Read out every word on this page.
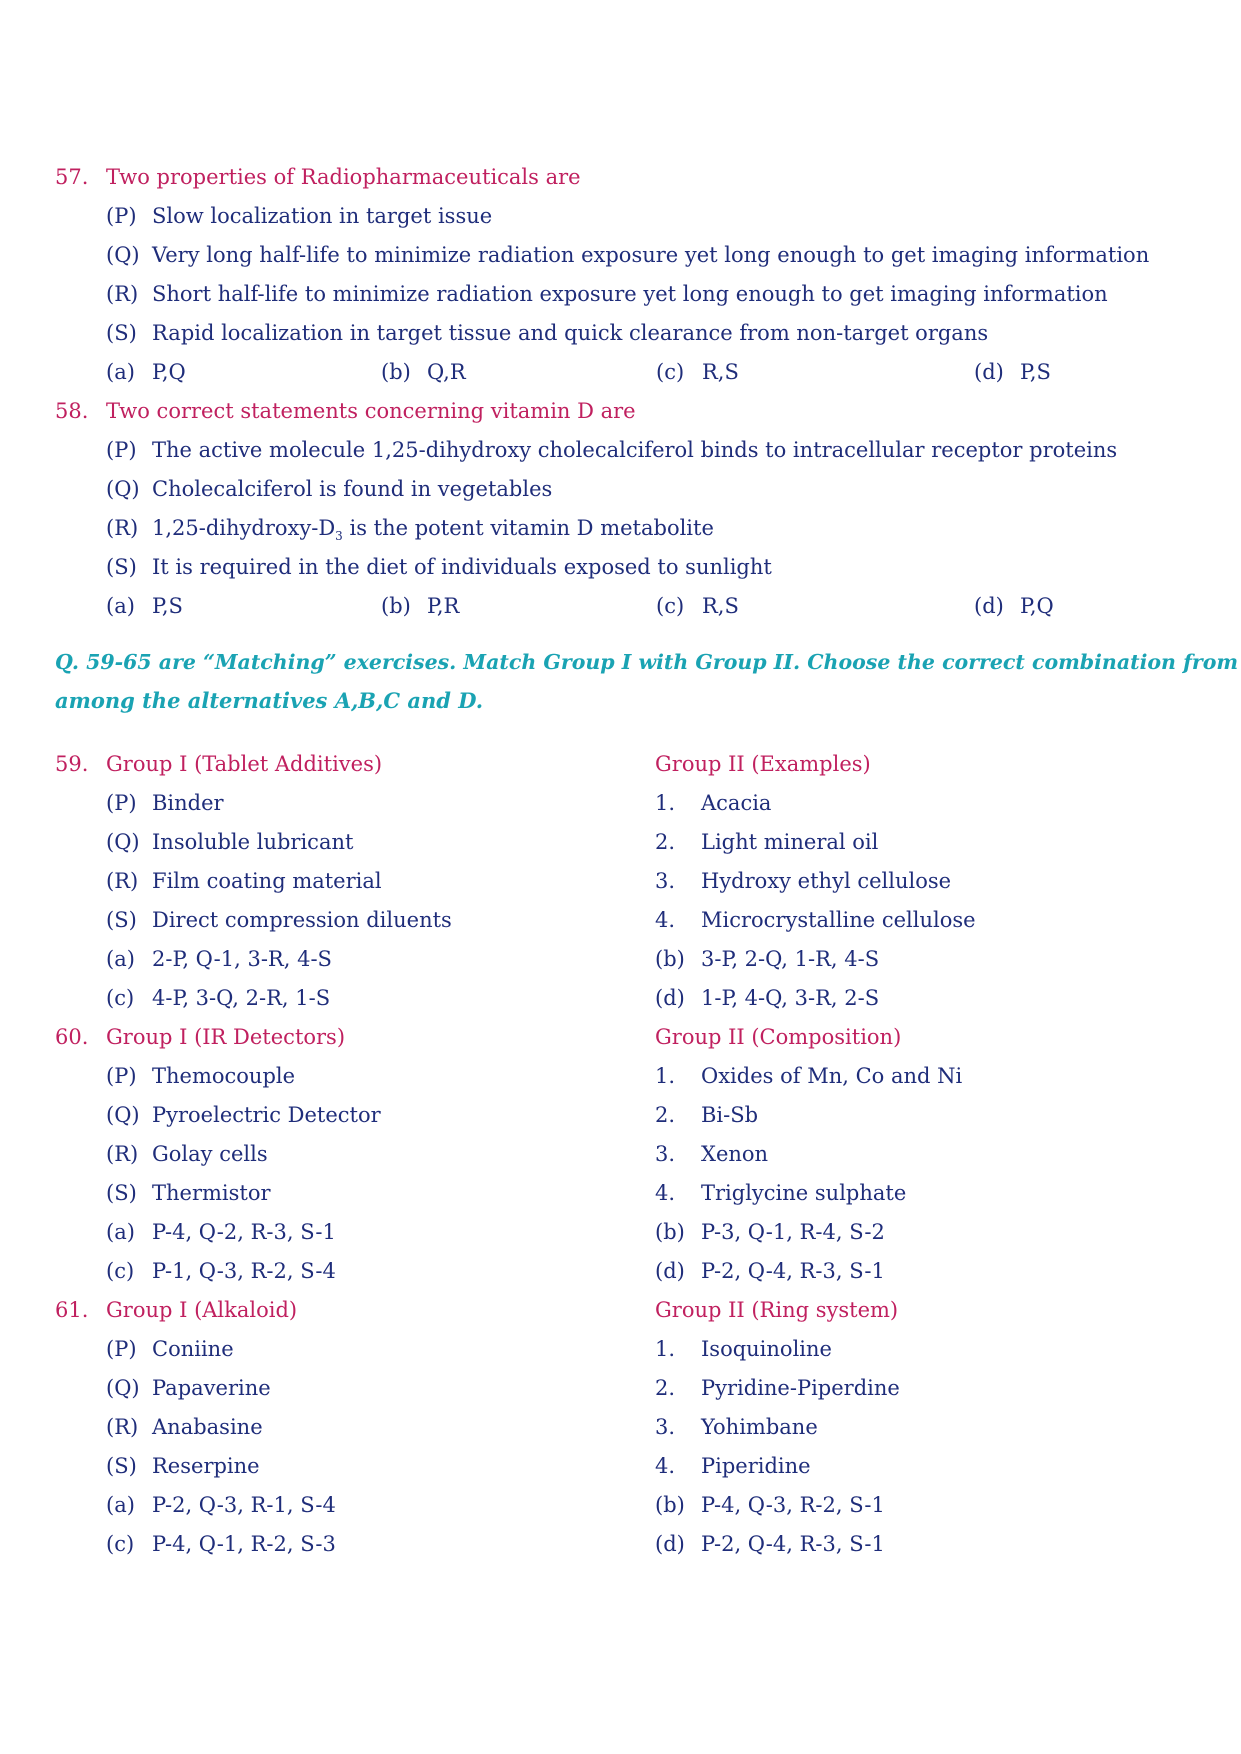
57. Two properties of Radiopharmaceuticals are
(P) Slow localization in target issue
(Q) Very long half-life to minimize radiation exposure yet long enough to get imaging information
(R) Short half-life to minimize radiation exposure yet long enough to get imaging information
(S) Rapid localization in target tissue and quick clearance from non-target organs
(a) P,Q	(b) Q,R	(c) R,S	(d) P,S
58. Two correct statements concerning vitamin D are
(P) The active molecule 1,25-dihydroxy cholecalciferol binds to intracellular receptor proteins
(Q) Cholecalciferol is found in vegetables
(R) $1,25-dihydroxy-D_3$ is the potent vitamin D metabolite
(S) It is required in the diet of individuals exposed to sunlight
(a) P,S	(b) P,R	(c) R,S	(d) P,Q
Q. 59-65 are “Matching” exercises. Match Group I with Group II. Choose the correct combination from
among the alternatives A,B,C and D.
59. Group I (Tablet Additives)	Group II (Examples)
(P) Binder	1. Acacia
(Q) Insoluble lubricant	2. Light mineral oil
(R) Film coating material	3. Hydroxy ethyl cellulose
(S) Direct compression diluents	4. Microcrystalline cellulose
(a) 2-P, Q-1, 3-R, 4-S	(b) 3-P, 2-Q, 1-R, 4-S
(c) 4-P, 3-Q, 2-R, 1-S	(d) 1-P, 4-Q, 3-R, 2-S
60. Group I (IR Detectors)	Group II (Composition)
(P) Themocouple	1. Oxides of Mn, Co and Ni
(Q) Pyroelectric Detector	2. Bi-Sb
(R) Golay cells	3. Xenon
(S) Thermistor	4. Triglycine sulphate
(a) P-4, Q-2, R-3, S-1	(b) P-3, Q-1, R-4, S-2
(c) P-1, Q-3, R-2, S-4	(d) P-2, Q-4, R-3, S-1
61. Group I (Alkaloid)	Group II (Ring system)
(P) Coniine	1. Isoquinoline
(Q) Papaverine	2. Pyridine-Piperdine
(R) Anabasine	3. Yohimbane
(S) Reserpine	4. Piperidine
(a) P-2, Q-3, R-1, S-4	(b) P-4, Q-3, R-2, S-1
(c) P-4, Q-1, R-2, S-3	(d) P-2, Q-4, R-3, S-1
